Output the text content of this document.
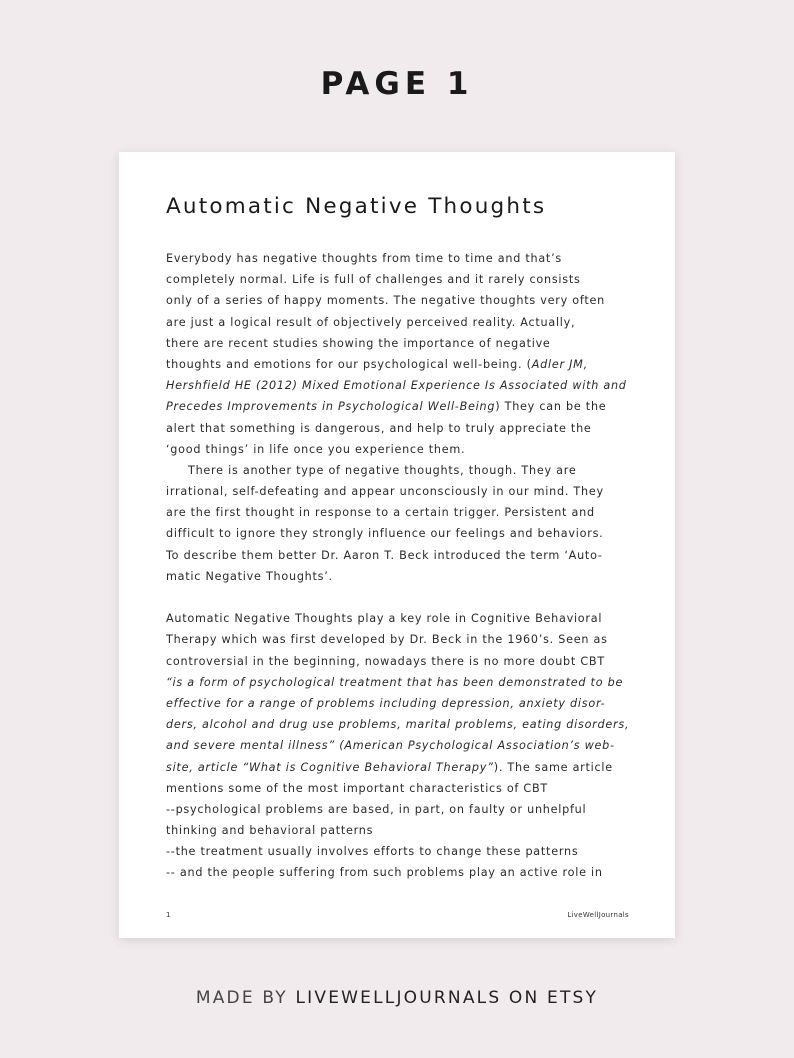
PAGE 1
Automatic Negative Thoughts
Everybody has negative thoughts from time to time and that’s
completely normal. Life is full of challenges and it rarely consists
only of a series of happy moments. The negative thoughts very often
are just a logical result of objectively perceived reality. Actually,
there are recent studies showing the importance of negative
thoughts and emotions for our psychological well-being. (Adler JM,
Hershfield HE (2012) Mixed Emotional Experience Is Associated with and
Precedes Improvements in Psychological Well-Being) They can be the
alert that something is dangerous, and help to truly appreciate the
‘good things’ in life once you experience them.
There is another type of negative thoughts, though. They are
irrational, self-defeating and appear unconsciously in our mind. They
are the first thought in response to a certain trigger. Persistent and
difficult to ignore they strongly influence our feelings and behaviors.
To describe them better Dr. Aaron T. Beck introduced the term ‘Auto-
matic Negative Thoughts’.
Automatic Negative Thoughts play a key role in Cognitive Behavioral
Therapy which was first developed by Dr. Beck in the 1960’s. Seen as
controversial in the beginning, nowadays there is no more doubt CBT
“is a form of psychological treatment that has been demonstrated to be
effective for a range of problems including depression, anxiety disor-
ders, alcohol and drug use problems, marital problems, eating disorders,
and severe mental illness” (American Psychological Association’s web-
site, article “What is Cognitive Behavioral Therapy”). The same article
mentions some of the most important characteristics of CBT
--psychological problems are based, in part, on faulty or unhelpful
thinking and behavioral patterns
--the treatment usually involves efforts to change these patterns
-- and the people suffering from such problems play an active role in
1	LiveWellJournals
MADE BY LIVEWELLJOURNALS ON ETSY
